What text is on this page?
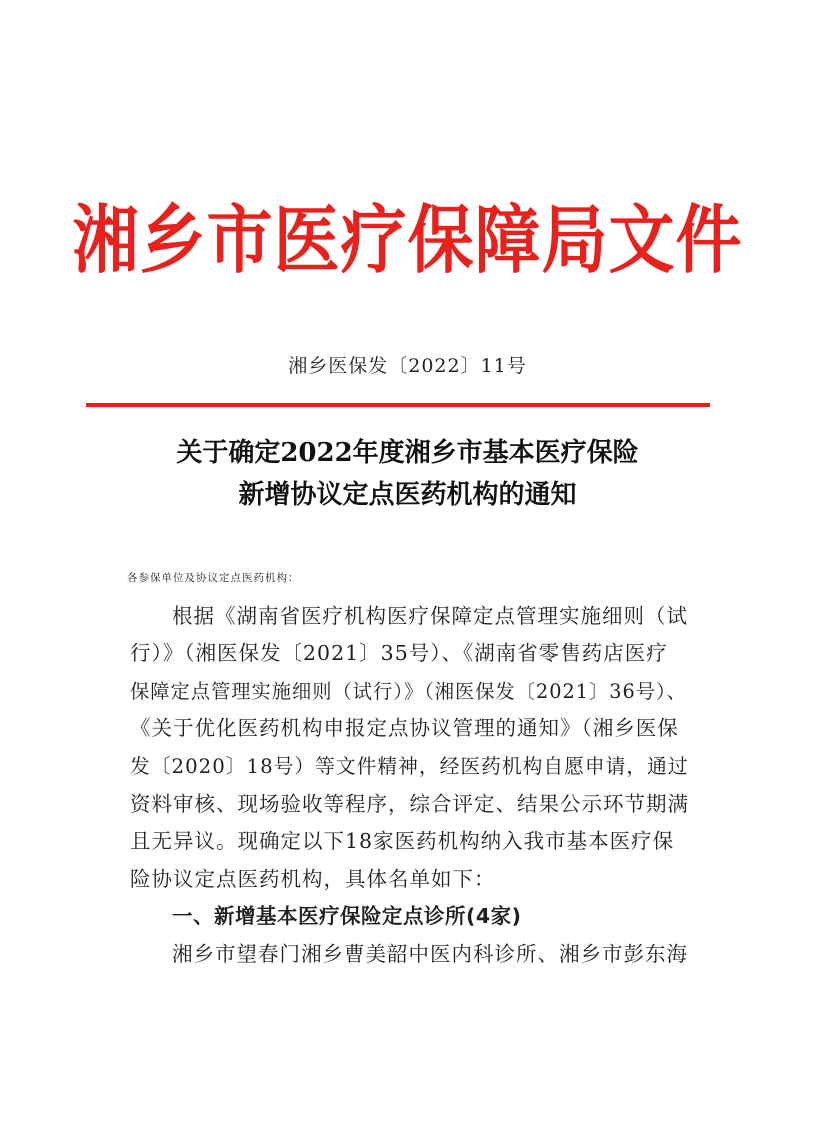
湘乡市医疗保障局文件
湘乡医保发〔2022〕11号
关于确定2022年度湘乡市基本医疗保险
新增协议定点医药机构的通知
各参保单位及协议定点医药机构：
根据《湖南省医疗机构医疗保障定点管理实施细则（试
行）》（湘医保发〔2021〕35号）、《湖南省零售药店医疗
保障定点管理实施细则（试行）》（湘医保发〔2021〕36号）、
《关于优化医药机构申报定点协议管理的通知》（湘乡医保
发〔2020〕18号）等文件精神，经医药机构自愿申请，通过
资料审核、现场验收等程序，综合评定、结果公示环节期满
且无异议。现确定以下18家医药机构纳入我市基本医疗保
险协议定点医药机构，具体名单如下：
一、新增基本医疗保险定点诊所(4家)
湘乡市望春门湘乡曹美韶中医内科诊所、湘乡市彭东海
